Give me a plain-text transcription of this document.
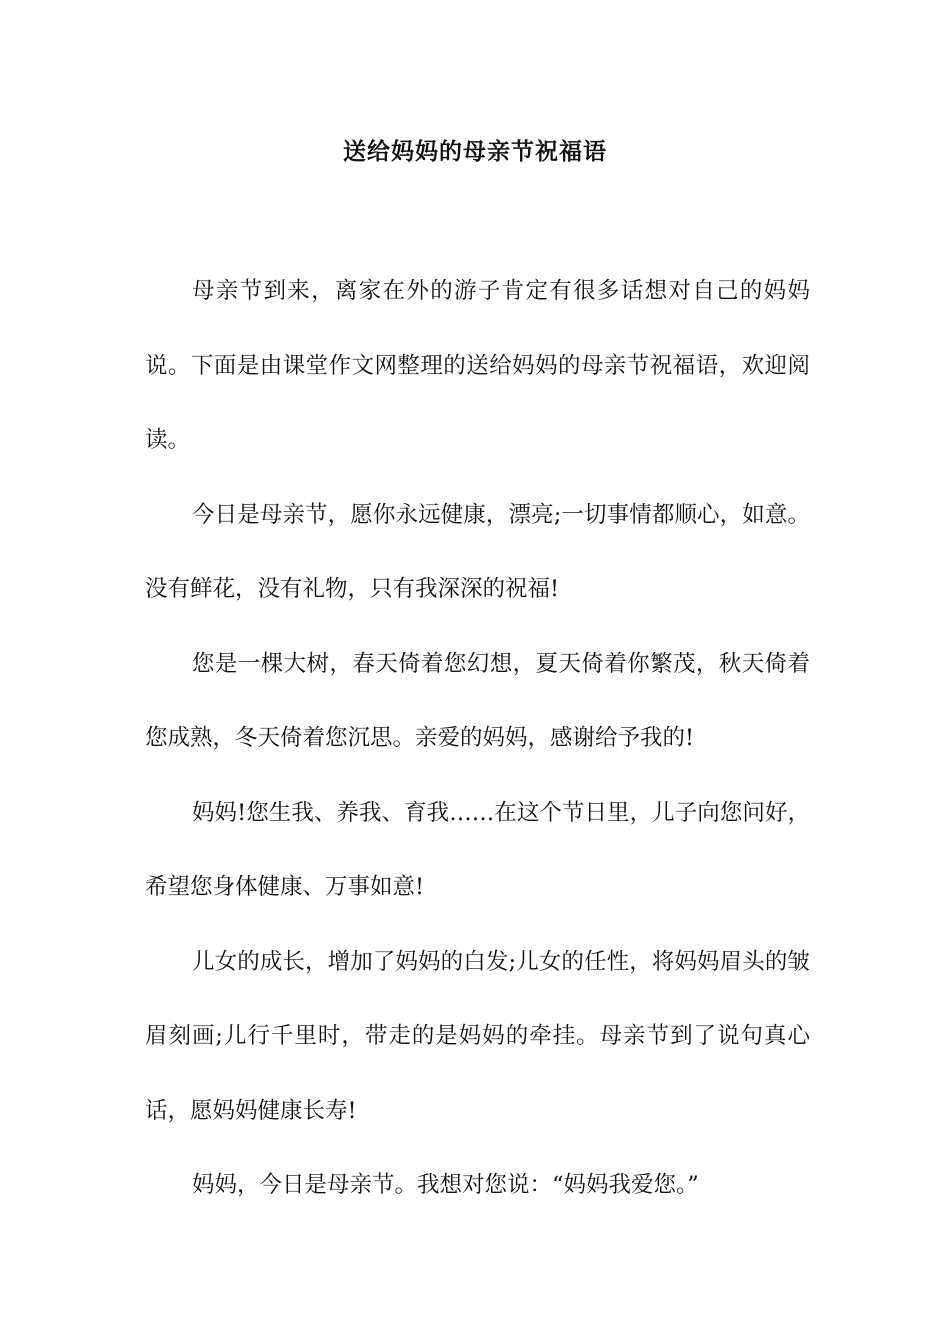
送给妈妈的母亲节祝福语

母亲节到来，离家在外的游子肯定有很多话想对自己的妈妈说。下面是由课堂作文网整理的送给妈妈的母亲节祝福语，欢迎阅读。

今日是母亲节，愿你永远健康，漂亮;一切事情都顺心，如意。没有鲜花，没有礼物，只有我深深的祝福!

您是一棵大树，春天倚着您幻想，夏天倚着你繁茂，秋天倚着您成熟，冬天倚着您沉思。亲爱的妈妈，感谢给予我的!

妈妈!您生我、养我、育我……在这个节日里，儿子向您问好，希望您身体健康、万事如意!

儿女的成长，增加了妈妈的白发;儿女的任性，将妈妈眉头的皱眉刻画;儿行千里时，带走的是妈妈的牵挂。母亲节到了说句真心话，愿妈妈健康长寿!

妈妈，今日是母亲节。我想对您说：“妈妈我爱您。”
